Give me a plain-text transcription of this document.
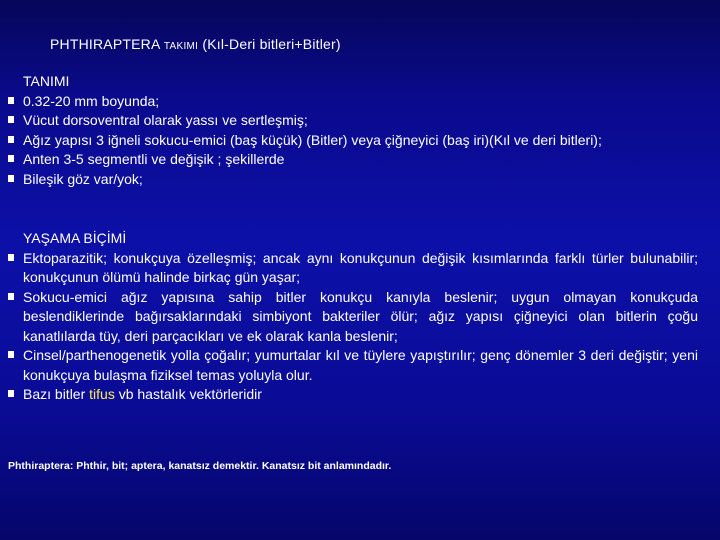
PHTHIRAPTERA TAKIMI (Kıl-Deri bitleri+Bitler)
TANIMI
0.32-20 mm boyunda;
Vücut dorsoventral olarak yassı ve sertleşmiş;
Ağız yapısı 3 iğneli sokucu-emici (baş küçük) (Bitler) veya çiğneyici (baş iri)(Kıl ve deri bitleri);
Anten 3-5 segmentli ve değişik ; şekillerde
Bileşik göz var/yok;
YAŞAMA BİÇİMİ
Ektoparazitik; konukçuya özelleşmiş; ancak aynı konukçunun değişik kısımlarında farklı türler bulunabilir; konukçunun ölümü halinde birkaç gün yaşar;
Sokucu-emici ağız yapısına sahip bitler konukçu kanıyla beslenir; uygun olmayan konukçuda beslendiklerinde bağırsaklarındaki simbiyont bakteriler ölür; ağız yapısı çiğneyici olan bitlerin çoğu kanatlılarda tüy, deri parçacıkları ve ek olarak kanla beslenir;
Cinsel/parthenogenetik yolla çoğalır; yumurtalar kıl ve tüylere yapıştırılır; genç dönemler 3 deri değiştir; yeni konukçuya bulaşma fiziksel temas yoluyla olur.
Bazı bitler tifus vb hastalık vektörleridir
Phthiraptera: Phthir, bit; aptera, kanatsız demektir. Kanatsız bit anlamındadır.
